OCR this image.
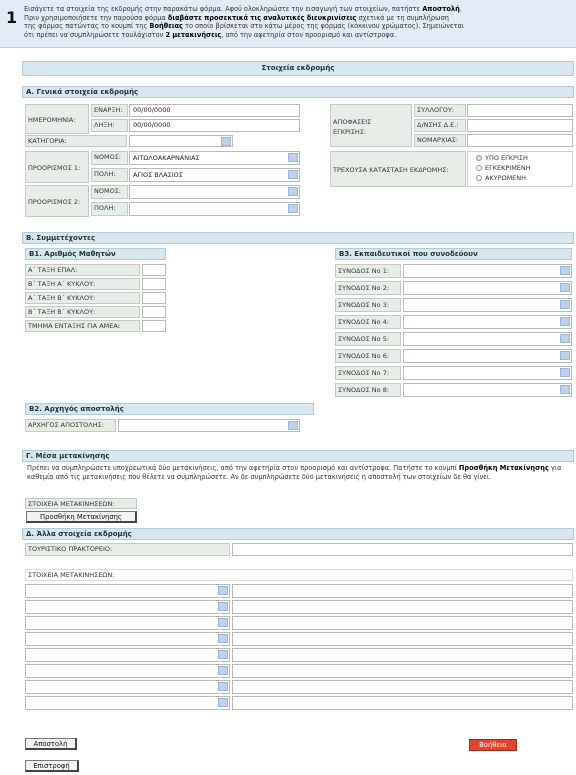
1 Εισάγετε τα στοιχεία της εκδρομής στην παρακάτω φόρμα. Αφού ολοκληρώστε την εισαγωγή των στοιχείων, πατήστε Αποστολή.
Πριν χρησιμοποιήσετε την παρούσα φόρμα διαβάστε προσεκτικά τις αναλυτικές διευκρινίσεις σχετικά με τη συμπλήρωση
της φόρμας πατώντας το κουμπί της Βοήθειας το οποίο βρίσκεται στο κάτω μέρος της φόρμας (κόκκινου χρώματος). Σημειώνεται
ότι πρέπει να συμπληρώσετε τουλάχιστον 2 μετακινήσεις, από την αφετηρία στον προορισμό και αντίστροφα.
Στοιχεία εκδρομής
Α. Γενικά στοιχεία εκδρομής
ΗΜΕΡΟΜΗΝΙΑ:
ΕΝΑΡΞΗ:	00/00/0000
ΛΗΞΗ:	00/00/0000
ΚΑΤΗΓΟΡΙΑ:
ΠΡΟΟΡΙΣΜΟΣ 1:
ΝΟΜΟΣ:	ΑΙΤΩΛΟΑΚΑΡΝΑΝΙΑΣ
ΠΟΛΗ:	ΑΓΙΟΣ ΒΛΑΣΙΟΣ
ΠΡΟΟΡΙΣΜΟΣ 2:
ΝΟΜΟΣ:
ΠΟΛΗ:
ΑΠΟΦΑΣΕΙΣ
ΕΓΚΡΙΣΗΣ:
ΣΥΛΛΟΓΟΥ:
Δ/ΝΣΗΣ Δ.Ε.:
ΝΟΜΑΡΧΙΑΣ:
ΤΡΕΧΟΥΣΑ ΚΑΤΑΣΤΑΣΗ ΕΚΔΡΟΜΗΣ:
ΥΠΟ ΕΓΚΡΙΣΗ
ΕΓΚΕΚΡΙΜΕΝΗ
ΑΚΥΡΩΜΕΝΗ
Β. Συμμετέχοντες
Β1. Αριθμός Μαθητών
Α΄ ΤΑΞΗ ΕΠΑΛ:
Β΄ ΤΑΞΗ Α΄ ΚΥΚΛΟΥ:
Α΄ ΤΑΞΗ Β΄ ΚΥΚΛΟΥ:
Β΄ ΤΑΞΗ Β΄ ΚΥΚΛΟΥ:
ΤΜΗΜΑ ΕΝΤΑΞΗΣ ΓΙΑ ΑΜΕΑ:
Β3. Εκπαιδευτικοί που συνοδεύουν
ΣΥΝΟΔΟΣ Νο 1:
ΣΥΝΟΔΟΣ Νο 2:
ΣΥΝΟΔΟΣ Νο 3:
ΣΥΝΟΔΟΣ Νο 4:
ΣΥΝΟΔΟΣ Νο 5:
ΣΥΝΟΔΟΣ Νο 6:
ΣΥΝΟΔΟΣ Νο 7:
ΣΥΝΟΔΟΣ Νο 8:
Β2. Αρχηγός αποστολής
ΑΡΧΗΓΟΣ ΑΠΟΣΤΟΛΗΣ:
Γ. Μέσα μετακίνησης
Πρέπει να συμπληρώσετε υποχρεωτικά δύο μετακινήσεις, από την αφετηρία στον προορισμό και αντίστροφα. Πατήστε το κουμπί Προσθήκη Μετακίνησης για καθεμία από τις μετακινήσεις που θέλετε να συμπληρώσετε. Αν δε συμπληρώσετε δύο μετακινήσεις η αποστολή των στοιχείων δε θα γίνει.
ΣΤΟΙΧΕΙΑ ΜΕΤΑΚΙΝΗΣΕΩΝ:
Προσθήκη Μετακίνησης
Δ. Άλλα στοιχεία εκδρομής
ΤΟΥΡΙΣΤΙΚΟ ΠΡΑΚΤΟΡΕΙΟ:
ΣΤΟΙΧΕΙΑ ΜΕΤΑΚΙΝΗΣΕΩΝ:
Αποστολή	Βοήθεια
Επιστροφή
